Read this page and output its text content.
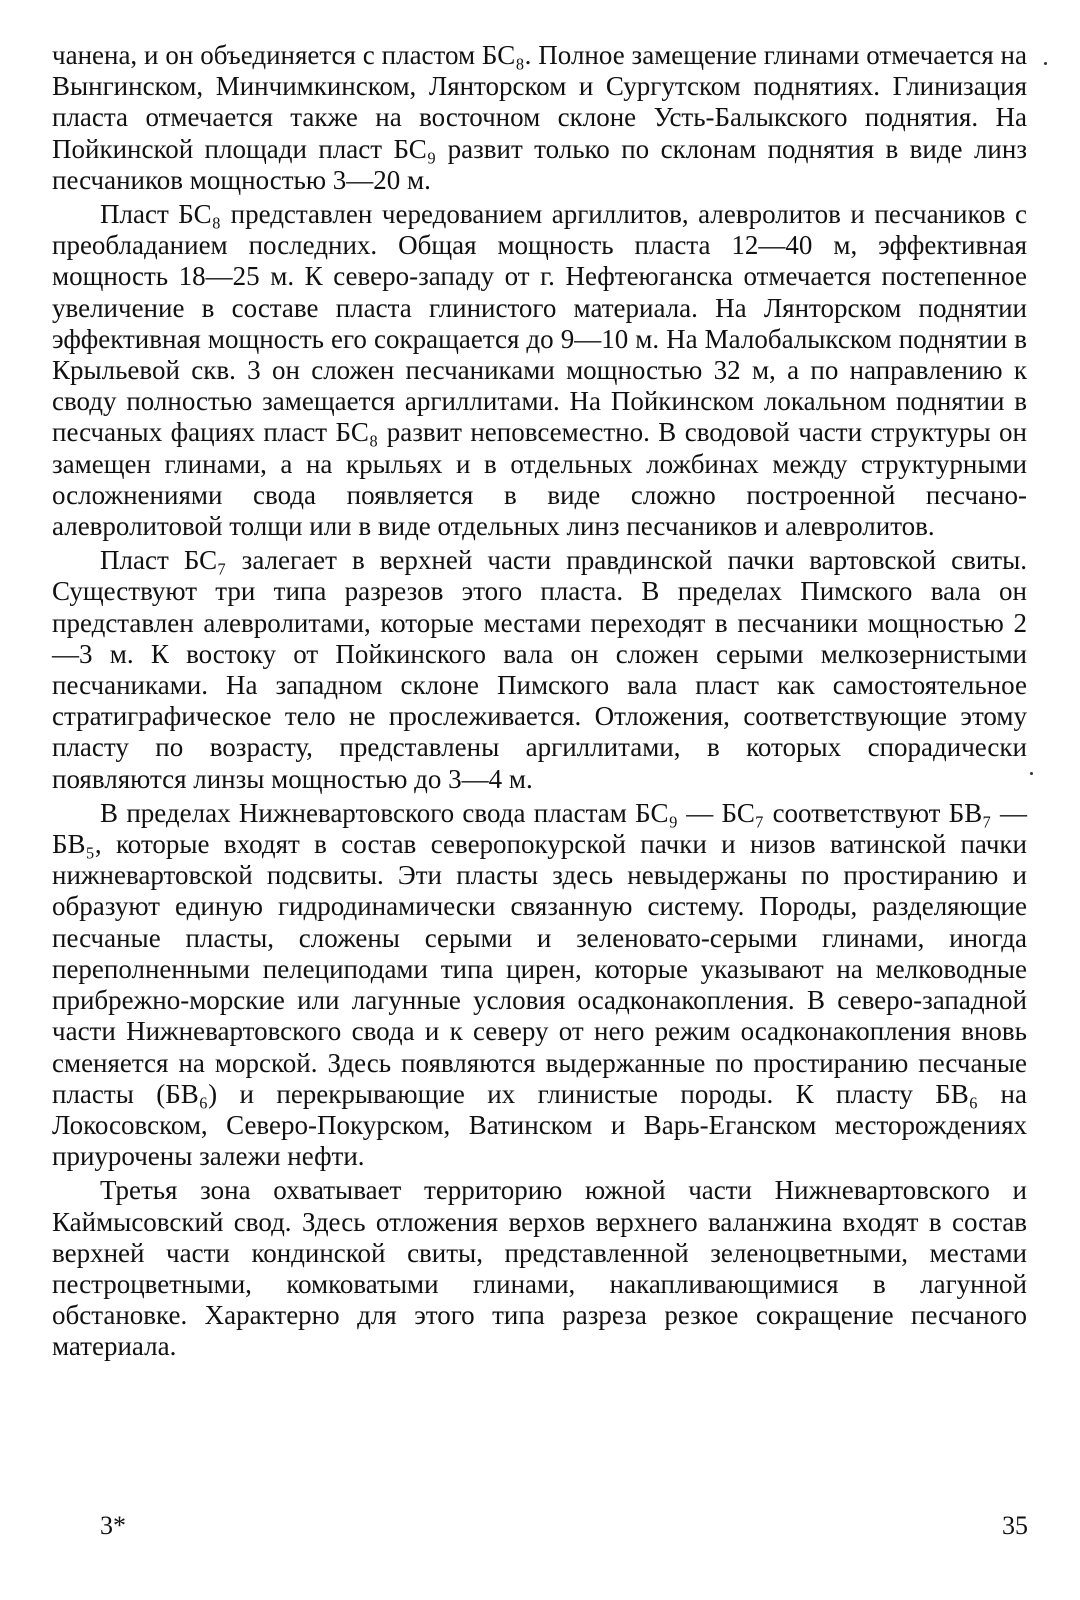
чанена, и он объединяется с пластом БС₈. Полное замещение глинами отмечается на Вынгинском, Минчимкинском, Лянторском и Сургутском поднятиях. Глинизация пласта отмечается также на восточном склоне Усть-Балыкского поднятия. На Пойкинской площади пласт БС₉ развит только по склонам поднятия в виде линз песчаников мощностью 3—20 м.

Пласт БС₈ представлен чередованием аргиллитов, алевролитов и песчаников с преобладанием последних. Общая мощность пласта 12—40 м, эффективная мощность 18—25 м. К северо-западу от г. Нефтеюганска отмечается постепенное увеличение в составе пласта глинистого материала. На Лянторском поднятии эффективная мощность его сокращается до 9—10 м. На Малобалыкском поднятии в Крыльевой скв. 3 он сложен песчаниками мощностью 32 м, а по направлению к своду полностью замещается аргиллитами. На Пойкинском локальном поднятии в песчаных фациях пласт БС₈ развит неповсеместно. В сводовой части структуры он замещен глинами, а на крыльях и в отдельных ложбинах между структурными осложнениями свода появляется в виде сложно построенной песчано-алевролитовой толщи или в виде отдельных линз песчаников и алевролитов.

Пласт БС₇ залегает в верхней части правдинской пачки вартовской свиты. Существуют три типа разрезов этого пласта. В пределах Пимского вала он представлен алевролитами, которые местами переходят в песчаники мощностью 2—3 м. К востоку от Пойкинского вала он сложен серыми мелкозернистыми песчаниками. На западном склоне Пимского вала пласт как самостоятельное стратиграфическое тело не прослеживается. Отложения, соответствующие этому пласту по возрасту, представлены аргиллитами, в которых спорадически появляются линзы мощностью до 3—4 м.

В пределах Нижневартовского свода пластам БС₉ — БС₇ соответствуют БВ₇ — БВ₅, которые входят в состав северопокурской пачки и низов ватинской пачки нижневартовской подсвиты. Эти пласты здесь невыдержаны по простиранию и образуют единую гидродинамически связанную систему. Породы, разделяющие песчаные пласты, сложены серыми и зеленовато-серыми глинами, иногда переполненными пелециподами типа цирен, которые указывают на мелководные прибрежно-морские или лагунные условия осадконакопления. В северо-западной части Нижневартовского свода и к северу от него режим осадконакопления вновь сменяется на морской. Здесь появляются выдержанные по простиранию песчаные пласты (БВ₆) и перекрывающие их глинистые породы. К пласту БВ₆ на Локосовском, Северо-Покурском, Ватинском и Варь-Еганском месторождениях приурочены залежи нефти.

Третья зона охватывает территорию южной части Нижневартовского и Каймысовский свод. Здесь отложения верхов верхнего валанжина входят в состав верхней части кондинской свиты, представленной зеленоцветными, местами пестроцветными, комковатыми глинами, накапливающимися в лагунной обстановке. Характерно для этого типа разреза резкое сокращение песчаного материала.

3*	35
